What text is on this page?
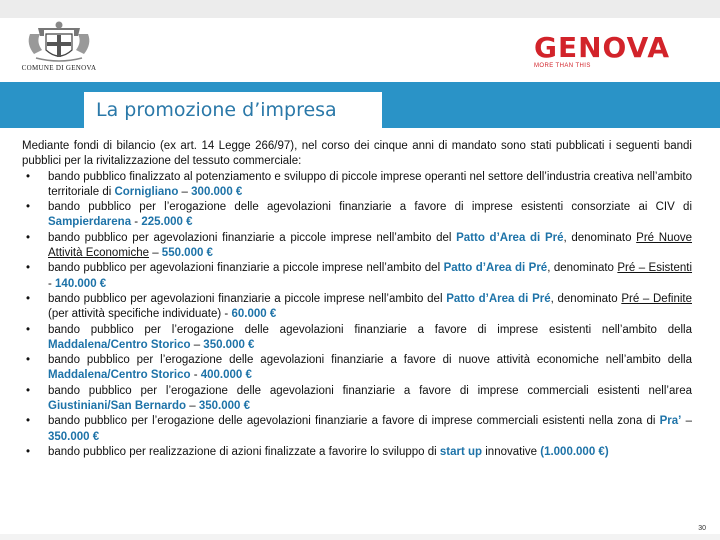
COMUNE DI GENOVA
GENOVA
MORE THAN THIS
La promozione d’impresa

Mediante fondi di bilancio (ex art. 14 Legge 266/97), nel corso dei cinque anni di mandato sono stati pubblicati i seguenti bandi pubblici per la rivitalizzazione del tessuto commerciale:

•	bando pubblico finalizzato al potenziamento e sviluppo di piccole imprese operanti nel settore dell’industria creativa nell’ambito territoriale di Cornigliano – 300.000 €
•	bando pubblico per l’erogazione delle agevolazioni finanziarie a favore di imprese esistenti consorziate ai CIV di Sampierdarena - 225.000 €
•	bando pubblico per agevolazioni finanziarie a piccole imprese nell’ambito del Patto d’Area di Pré, denominato Pré Nuove Attività Economiche – 550.000 €
•	bando pubblico per agevolazioni finanziarie a piccole imprese nell’ambito del Patto d’Area di Pré, denominato Pré – Esistenti - 140.000 €
•	bando pubblico per agevolazioni finanziarie a piccole imprese nell’ambito del Patto d’Area di Pré, denominato Pré – Definite (per attività specifiche individuate) - 60.000 €
•	bando pubblico per l’erogazione delle agevolazioni finanziarie a favore di imprese esistenti nell’ambito della Maddalena/Centro Storico – 350.000 €
•	bando pubblico per l’erogazione delle agevolazioni finanziarie a favore di nuove attività economiche nell’ambito della Maddalena/Centro Storico - 400.000 €
•	bando pubblico per l’erogazione delle agevolazioni finanziarie a favore di imprese commerciali esistenti nell’area Giustiniani/San Bernardo – 350.000 €
•	bando pubblico per l’erogazione delle agevolazioni finanziarie a favore di imprese commerciali esistenti nella zona di Pra’ – 350.000 €
•	bando pubblico per realizzazione di azioni finalizzate a favorire lo sviluppo di start up innovative (1.000.000 €)
30
